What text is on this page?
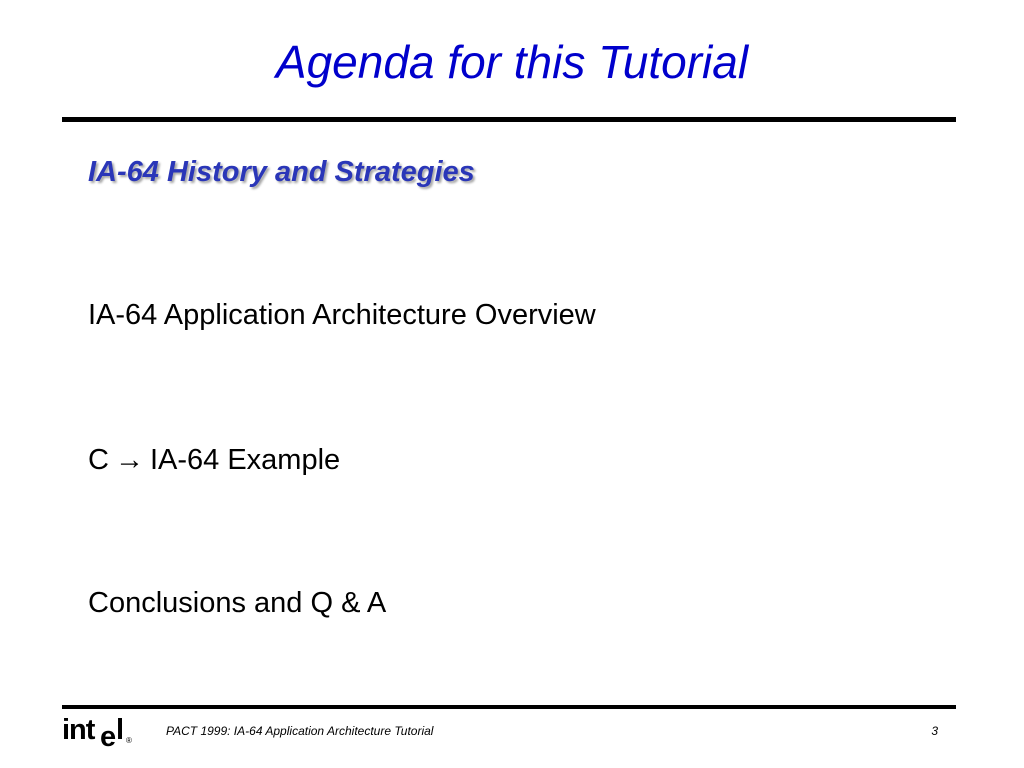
Agenda for this Tutorial
IA-64 History and Strategies
IA-64 Application Architecture Overview
C → IA-64 Example
Conclusions and Q & A
int e l ®
PACT 1999: IA-64 Application Architecture Tutorial	3
